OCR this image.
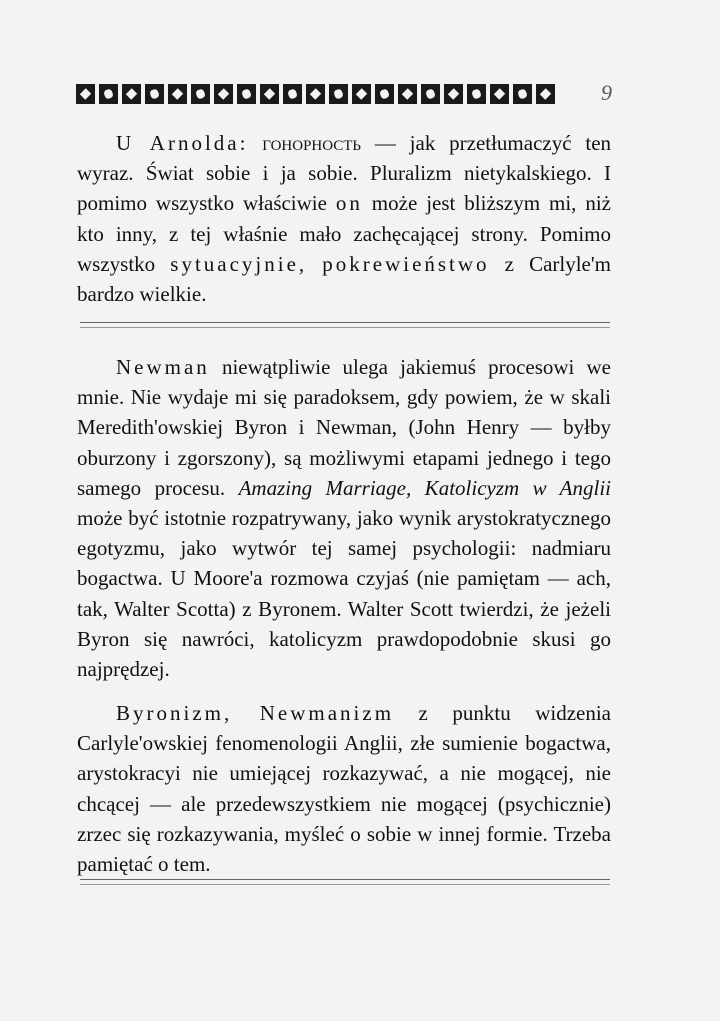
9

U Arnolda: гонорность — jak przetłumaczyć ten wyraz. Świat sobie i ja sobie. Pluralizm nietykalskiego. I pomimo wszystko właściwie on może jest bliższym mi, niż kto inny, z tej właśnie mało zachęcającej strony. Pomimo wszystko sytuacyjnie, pokrewieństwo z Carlyle'm bardzo wielkie.

Newman niewątpliwie ulega jakiemuś procesowi we mnie. Nie wydaje mi się paradoksem, gdy powiem, że w skali Meredith'owskiej Byron i Newman, (John Henry — byłby oburzony i zgorszony), są możliwymi etapami jednego i tego samego procesu. Amazing Marriage, Katolicyzm w Anglii może być istotnie rozpatrywany, jako wynik arystokratycznego egotyzmu, jako wytwór tej samej psychologii: nadmiaru bogactwa. U Moore'a rozmowa czyjaś (nie pamiętam — ach, tak, Walter Scotta) z Byronem. Walter Scott twierdzi, że jeżeli Byron się nawróci, katolicyzm prawdopodobnie skusi go najprędzej.

Byronizm, Newmanizm z punktu widzenia Carlyle'owskiej fenomenologii Anglii, złe sumienie bogactwa, arystokracyi nie umiejącej rozkazywać, a nie mogącej, nie chcącej — ale przedewszystkiem nie mogącej (psychicznie) zrzec się rozkazywania, myśleć o sobie w innej formie. Trzeba pamiętać o tem.
